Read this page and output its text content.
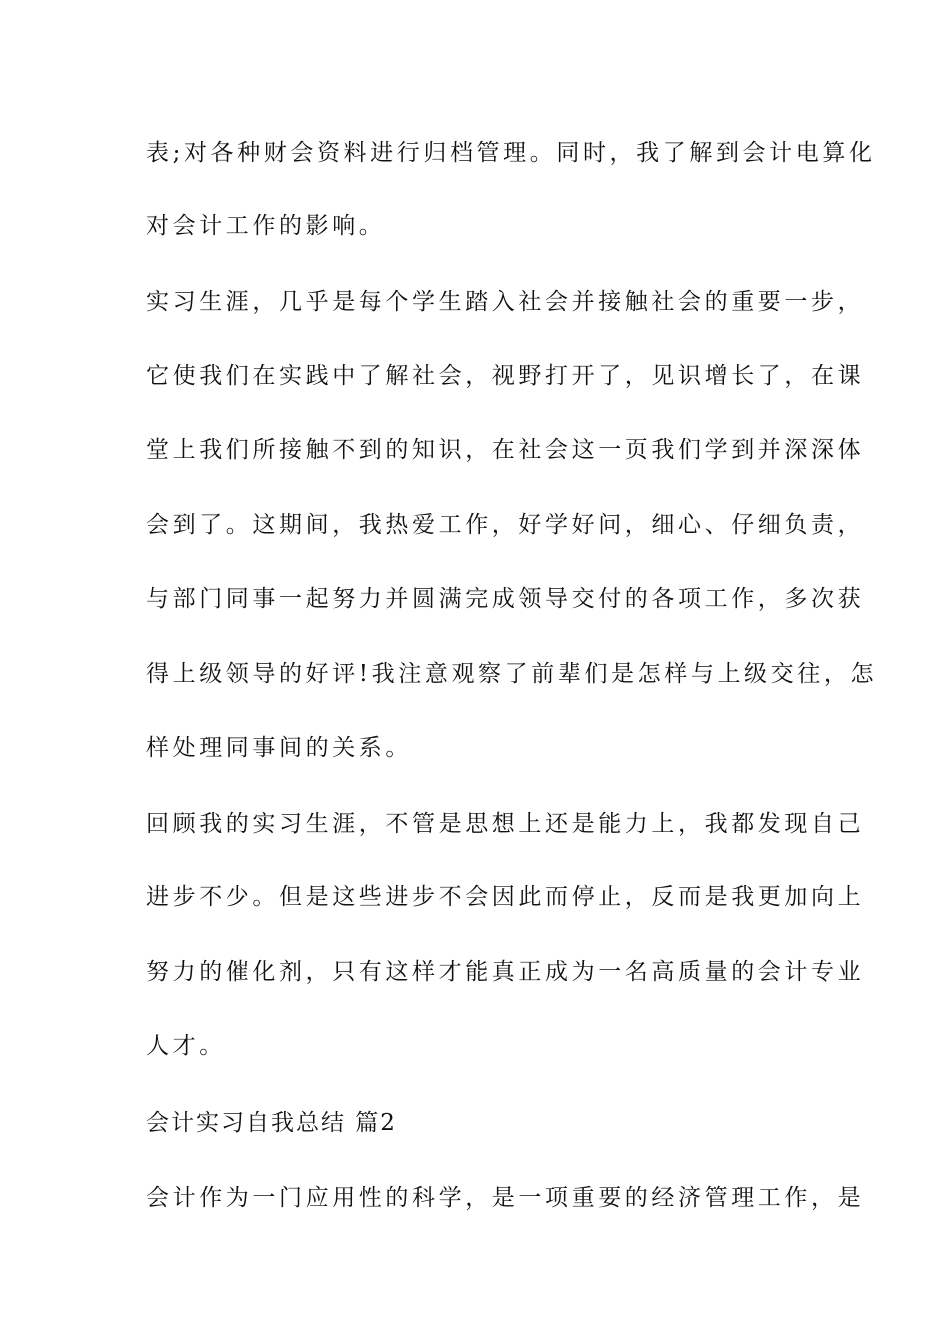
表;对各种财会资料进行归档管理。同时，我了解到会计电算化
对会计工作的影响。
实习生涯，几乎是每个学生踏入社会并接触社会的重要一步，
它使我们在实践中了解社会，视野打开了，见识增长了，在课
堂上我们所接触不到的知识，在社会这一页我们学到并深深体
会到了。这期间，我热爱工作，好学好问，细心、仔细负责，
与部门同事一起努力并圆满完成领导交付的各项工作，多次获
得上级领导的好评!我注意观察了前辈们是怎样与上级交往，怎
样处理同事间的关系。
回顾我的实习生涯，不管是思想上还是能力上，我都发现自己
进步不少。但是这些进步不会因此而停止，反而是我更加向上
努力的催化剂，只有这样才能真正成为一名高质量的会计专业
人才。
会计实习自我总结 篇2
会计作为一门应用性的科学，是一项重要的经济管理工作，是
